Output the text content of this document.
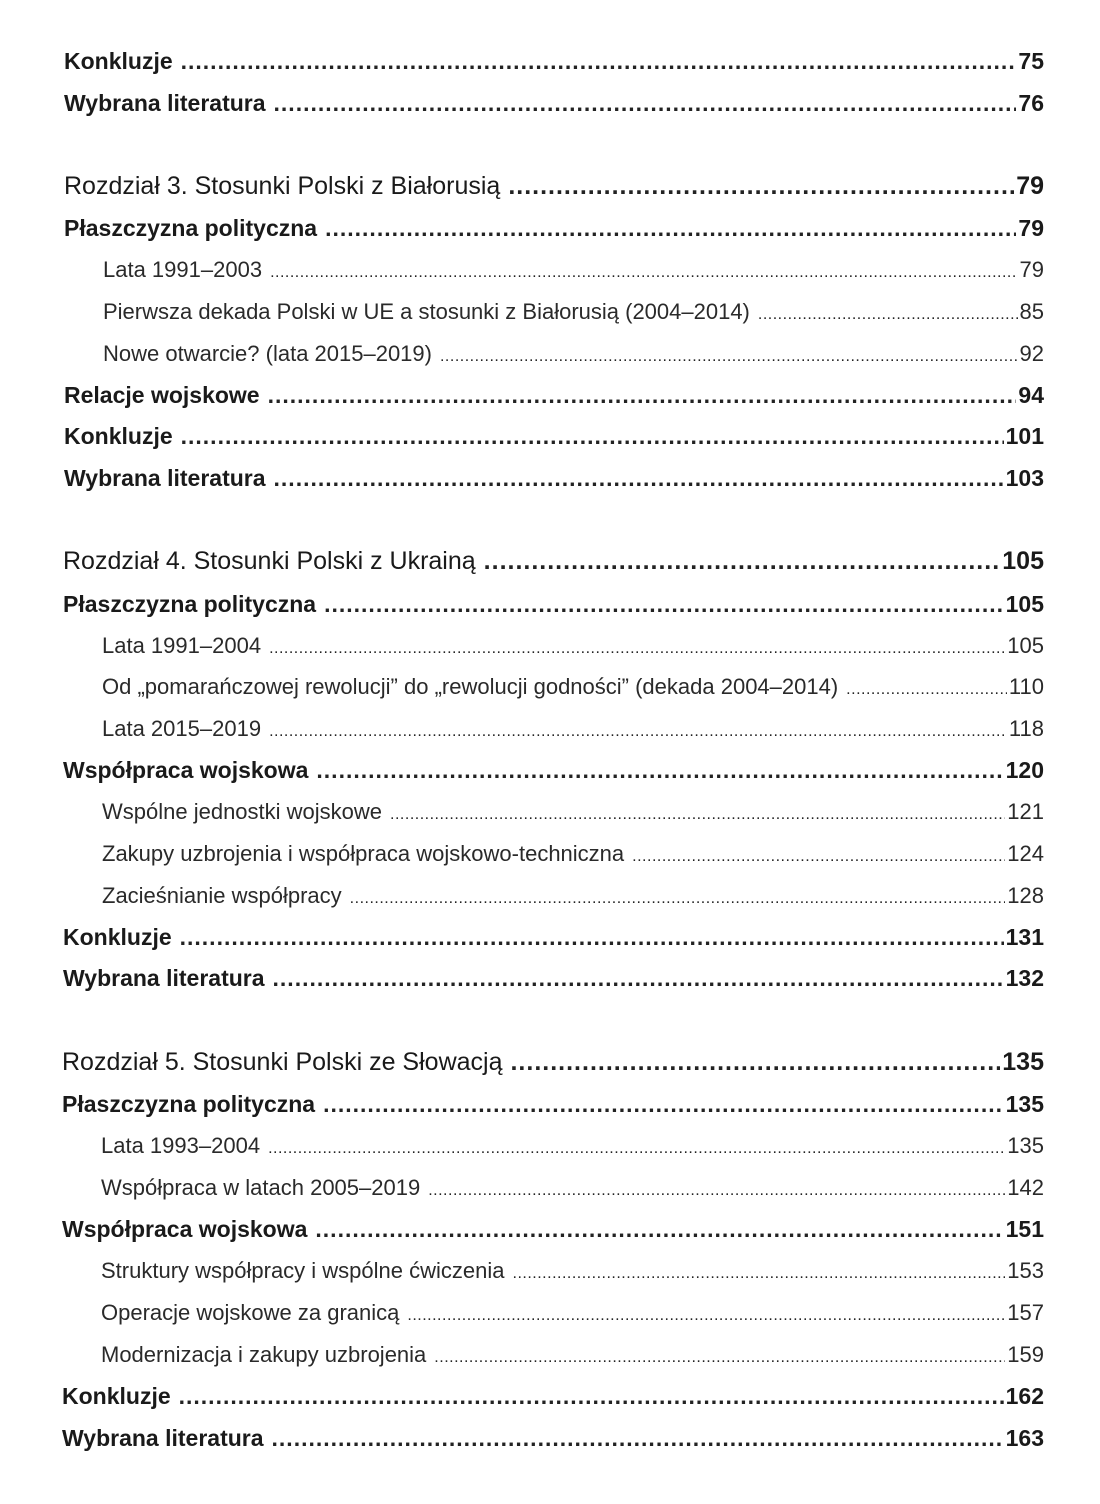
Konkluzje .....	75
Wybrana literatura .....	76
Rozdział 3. Stosunki Polski z Białorusią .....	79
Płaszczyzna polityczna .....	79
Lata 1991–2003 .....	79
Pierwsza dekada Polski w UE a stosunki z Białorusią (2004–2014) .....	85
Nowe otwarcie? (lata 2015–2019) .....	92
Relacje wojskowe .....	94
Konkluzje .....	101
Wybrana literatura .....	103
Rozdział 4. Stosunki Polski z Ukrainą .....	105
Płaszczyzna polityczna .....	105
Lata 1991–2004 .....	105
Od „pomarańczowej rewolucji” do „rewolucji godności” (dekada 2004–2014) .....	110
Lata 2015–2019 .....	118
Współpraca wojskowa .....	120
Wspólne jednostki wojskowe .....	121
Zakupy uzbrojenia i współpraca wojskowo-techniczna .....	124
Zacieśnianie współpracy .....	128
Konkluzje .....	131
Wybrana literatura .....	132
Rozdział 5. Stosunki Polski ze Słowacją .....	135
Płaszczyzna polityczna .....	135
Lata 1993–2004 .....	135
Współpraca w latach 2005–2019 .....	142
Współpraca wojskowa .....	151
Struktury współpracy i wspólne ćwiczenia .....	153
Operacje wojskowe za granicą .....	157
Modernizacja i zakupy uzbrojenia .....	159
Konkluzje .....	162
Wybrana literatura .....	163
